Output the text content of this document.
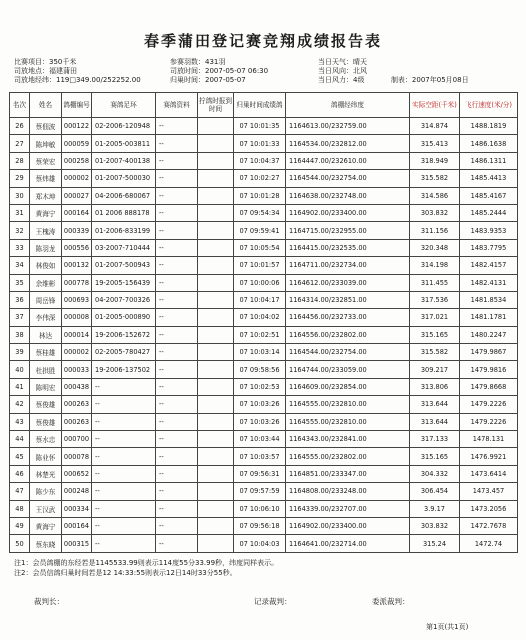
春季蒲田登记赛竞翔成绩报告表
比赛项目：350千米
司放地点：福建蒲田
司放地经纬：119□349.00/252252.00
参赛羽数：431羽
司放时间：2007-05-07 06:30
归巢时间：2007-05-07
当日天气：晴天
当日风向：北风
当日风力：4级	制表：2007年05月08日
名次	姓名	鸽棚编号	赛鸽足环	赛鸽资料	拧鸽时报到时间	归巢时间成绩鸽	鸽棚经纬度	实际空距(千米)	飞行速度(米/分)
26	蔡佃波	000122	02-2006-120948	--		07 10:01:35	1164613.00/232759.00	314.874	1488.1819
27	陈坤敏	000059	01-2005-003811	--		07 10:01:33	1164534.00/232812.00	315.413	1486.1638
28	蔡荣宏	000258	01-2007-400138	--		07 10:04:37	1164447.00/232610.00	318.949	1486.1311
29	蔡炜雄	000002	01-2007-500030	--		07 10:02:27	1164544.00/232754.00	315.582	1485.4413
30	郑木坤	000027	04-2006-680067	--		07 10:01:28	1164638.00/232748.00	314.586	1485.4167
31	黄海宁	000164	01 2006 888178	--		07 09:54:34	1164902.00/233400.00	303.832	1485.2444
32	王槐涛	000339	01-2006-833199	--		07 09:59:41	1164715.00/232955.00	311.156	1483.9353
33	陈羽龙	000556	03-2007-710444	--		07 10:05:54	1164415.00/232535.00	320.348	1483.7795
34	林俊如	000132	01-2007-500943	--		07 10:01:57	1164711.00/232734.00	314.198	1482.4157
35	余维彬	000778	19-2005-156439	--		07 10:00:06	1164612.00/233039.00	311.455	1482.4131
36	周岳锋	000693	04-2007-700326	--		07 10:04:17	1164314.00/232851.00	317.536	1481.8534
37	李伟深	000008	01-2005-000890	--		07 10:04:02	1164456.00/232733.00	317.021	1481.1781
38	林达	000014	19-2006-152672	--		07 10:02:51	1164556.00/232802.00	315.165	1480.2247
39	蔡桂雄	000002	02-2005-780427	--		07 10:03:14	1164544.00/232754.00	315.582	1479.9867
40	杜拱胜	000033	19-2006-137502	--		07 09:58:56	1164744.00/233059.00	309.217	1479.9816
41	陈明宏	000438	--	--		07 10:02:53	1164609.00/232854.00	313.806	1479.8668
42	蔡俊雄	000263	--	--		07 10:03:26	1164555.00/232810.00	313.644	1479.2226
43	蔡俊雄	000263	--	--		07 10:03:26	1164555.00/232810.00	313.644	1479.2226
44	蔡水忠	000700	--	--		07 10:03:44	1164343.00/232841.00	317.133	1478.131
45	陈业怀	000078	--	--		07 10:03:57	1164555.00/232802.00	315.165	1476.9921
46	林楚光	000652	--	--		07 09:56:31	1164851.00/233347.00	304.332	1473.6414
47	陈少东	000248	--	--		07 09:57:59	1164808.00/233248.00	306.454	1473.457
48	王汉武	000334	--	--		07 10:06:10	1164339.00/232707.00	3.9.17	1473.2056
49	黄海宁	000164	--	--		07 09:56:18	1164902.00/233400.00	303.832	1472.7678
50	蔡东晓	000315	--	--		07 10:04:03	1164641.00/232714.00	315.24	1472.74
注1：会员鸽棚的东经若是1145533.99则表示114度55分33.99秒，纬度同样表示。
注2：会员信鸽归巢时间若是12 14:33:55则表示12日14时33分55秒。
裁判长：	记录裁判：	委派裁判：
第1页(共1页)
